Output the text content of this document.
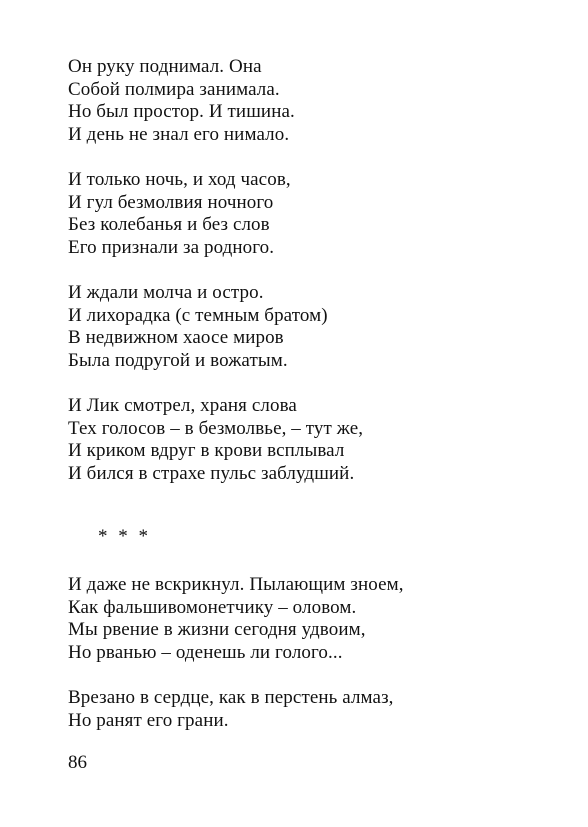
Он руку поднимал. Она
Собой полмира занимала.
Но был простор. И тишина.
И день не знал его нимало.
И только ночь, и ход часов,
И гул безмолвия ночного
Без колебанья и без слов
Его признали за родного.
И ждали молча и остро.
И лихорадка (с темным братом)
В недвижном хаосе миров
Была подругой и вожатым.
И Лик смотрел, храня слова
Тех голосов – в безмолвье, – тут же,
И криком вдруг в крови всплывал
И бился в страхе пульс заблудший.
* * *
И даже не вскрикнул. Пылающим зноем,
Как фальшивомонетчику – оловом.
Мы рвение в жизни сегодня удвоим,
Но рванью – оденешь ли голого...
Врезано в сердце, как в перстень алмаз,
Но ранят его грани.
86
